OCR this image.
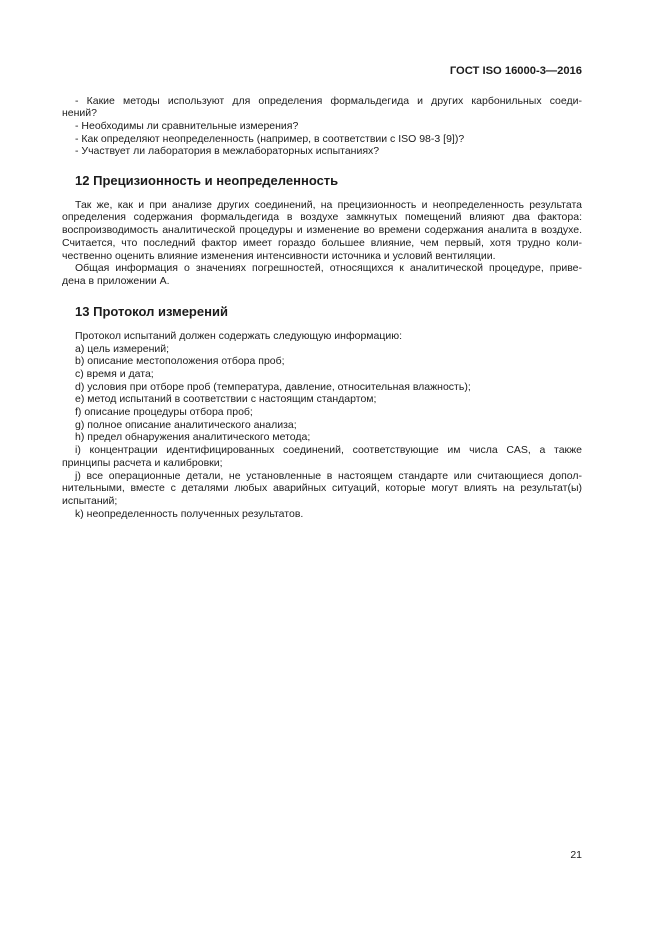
ГОСТ ISO 16000-3—2016
- Какие методы используют для определения формальдегида и других карбонильных соеди-
нений?
- Необходимы ли сравнительные измерения?
- Как определяют неопределенность (например, в соответствии с ISO 98-3 [9])?
- Участвует ли лаборатория в межлабораторных испытаниях?
12 Прецизионность и неопределенность
Так же, как и при анализе других соединений, на прецизионность и неопределенность результата
определения содержания формальдегида в воздухе замкнутых помещений влияют два фактора:
воспроизводимость аналитической процедуры и изменение во времени содержания аналита в воздухе.
Считается, что последний фактор имеет гораздо большее влияние, чем первый, хотя трудно коли-
чественно оценить влияние изменения интенсивности источника и условий вентиляции.
Общая информация о значениях погрешностей, относящихся к аналитической процедуре, приве-
дена в приложении А.
13 Протокол измерений
Протокол испытаний должен содержать следующую информацию:
a) цель измерений;
b) описание местоположения отбора проб;
c) время и дата;
d) условия при отборе проб (температура, давление, относительная влажность);
e) метод испытаний в соответствии с настоящим стандартом;
f) описание процедуры отбора проб;
g) полное описание аналитического анализа;
h) предел обнаружения аналитического метода;
i) концентрации идентифицированных соединений, соответствующие им числа CAS, а также
принципы расчета и калибровки;
j) все операционные детали, не установленные в настоящем стандарте или считающиеся допол-
нительными, вместе с деталями любых аварийных ситуаций, которые могут влиять на результат(ы)
испытаний;
k) неопределенность полученных результатов.
21
